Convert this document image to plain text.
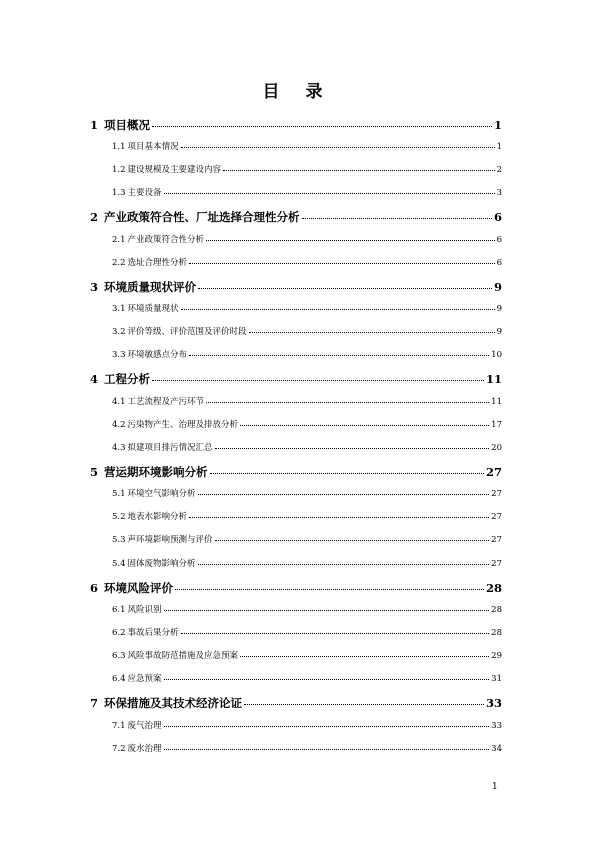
目 录
1 项目概况	1
1.1 项目基本情况	1
1.2 建设规模及主要建设内容	2
1.3 主要设备	3
2 产业政策符合性、厂址选择合理性分析	6
2.1 产业政策符合性分析	6
2.2 选址合理性分析	6
3 环境质量现状评价	9
3.1 环境质量现状	9
3.2 评价等级、评价范围及评价时段	9
3.3 环境敏感点分布	10
4 工程分析	11
4.1 工艺流程及产污环节	11
4.2 污染物产生、治理及排放分析	17
4.3 拟建项目排污情况汇总	20
5 营运期环境影响分析	27
5.1 环境空气影响分析	27
5.2 地表水影响分析	27
5.3 声环境影响预测与评价	27
5.4 固体废物影响分析	27
6 环境风险评价	28
6.1 风险识别	28
6.2 事故后果分析	28
6.3 风险事故防范措施及应急预案	29
6.4 应急预案	31
7 环保措施及其技术经济论证	33
7.1 废气治理	33
7.2 废水治理	34
1
